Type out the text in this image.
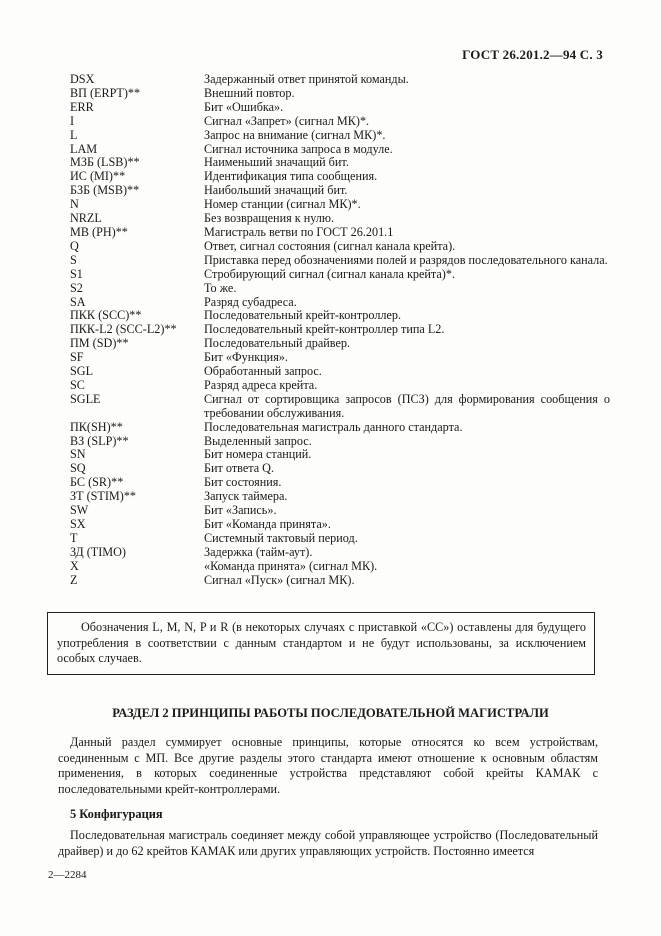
ГОСТ 26.201.2—94 С. 3
DSX	Задержанный ответ принятой команды.
ВП (ERPT)**	Внешний повтор.
ERR	Бит «Ошибка».
I	Сигнал «Запрет» (сигнал МК)*.
L	Запрос на внимание (сигнал МК)*.
LAM	Сигнал источника запроса в модуле.
МЗБ (LSB)**	Наименьший значащий бит.
ИС (MI)**	Идентификация типа сообщения.
БЗБ (MSB)**	Наибольший значащий бит.
N	Номер станции (сигнал МК)*.
NRZL	Без возвращения к нулю.
МВ (PH)**	Магистраль ветви по ГОСТ 26.201.1
Q	Ответ, сигнал состояния (сигнал канала крейта).
S	Приставка перед обозначениями полей и разрядов последовательного канала.
S1	Стробирующий сигнал (сигнал канала крейта)*.
S2	То же.
SA	Разряд субадреса.
ПКК (SCC)**	Последовательный крейт-контроллер.
ПКК-L2 (SCC-L2)**	Последовательный крейт-контроллер типа L2.
ПМ (SD)**	Последовательный драйвер.
SF	Бит «Функция».
SGL	Обработанный запрос.
SC	Разряд адреса крейта.
SGLE	Сигнал от сортировщика запросов (ПСЗ) для формирования сообщения о требовании обслуживания.
ПК(SH)**	Последовательная магистраль данного стандарта.
ВЗ (SLP)**	Выделенный запрос.
SN	Бит номера станций.
SQ	Бит ответа Q.
БС (SR)**	Бит состояния.
ЗТ (STIM)**	Запуск таймера.
SW	Бит «Запись».
SX	Бит «Команда принята».
T	Системный тактовый период.
ЗД (TIMO)	Задержка (тайм-аут).
X	«Команда принята» (сигнал МК).
Z	Сигнал «Пуск» (сигнал МК).
Обозначения L, M, N, P и R (в некоторых случаях с приставкой «СС») оставлены для будущего употребления в соответствии с данным стандартом и не будут использованы, за исключением особых случаев.
РАЗДЕЛ 2 ПРИНЦИПЫ РАБОТЫ ПОСЛЕДОВАТЕЛЬНОЙ МАГИСТРАЛИ
Данный раздел суммирует основные принципы, которые относятся ко всем устройствам, соединенным с МП. Все другие разделы этого стандарта имеют отношение к основным областям применения, в которых соединенные устройства представляют собой крейты КАМАК с последовательными крейт-контроллерами.
5 Конфигурация
Последовательная магистраль соединяет между собой управляющее устройство (Последовательный драйвер) и до 62 крейтов КАМАК или других управляющих устройств. Постоянно имеется
2—2284
